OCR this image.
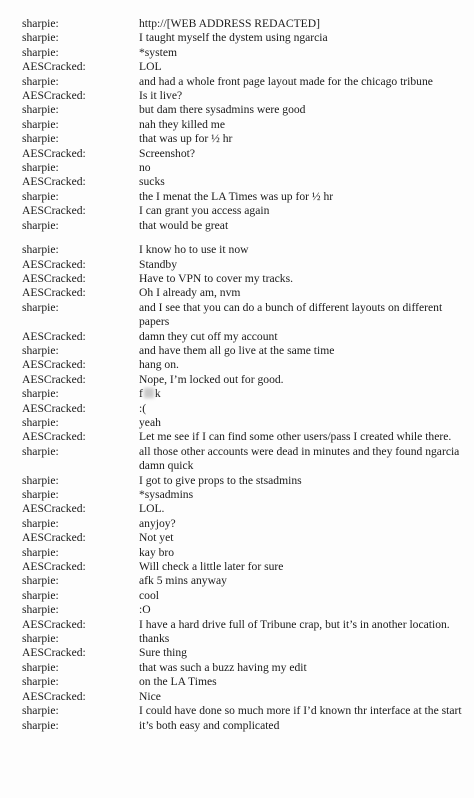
sharpie:	http://[WEB ADDRESS REDACTED]
sharpie:	I taught myself the dystem using ngarcia
sharpie:	*system
AESCracked:	LOL
sharpie:	and had a whole front page layout made for the chicago tribune
AESCracked:	Is it live?
sharpie:	but dam there sysadmins were good
sharpie:	nah they killed me
sharpie:	that was up for ½ hr
AESCracked:	Screenshot?
sharpie:	no
AESCracked:	sucks
sharpie:	the I menat the LA Times was up for ½ hr
AESCracked:	I can grant you access again
sharpie:	that would be great
sharpie:	I know ho to use it now
AESCracked:	Standby
AESCracked:	Have to VPN to cover my tracks.
AESCracked:	Oh I already am, nvm
sharpie:	and I see that you can do a bunch of different layouts on different papers
AESCracked:	damn they cut off my account
sharpie:	and have them all go live at the same time
AESCracked:	hang on.
AESCracked:	Nope, I’m locked out for good.
sharpie:	f k
AESCracked:	:(
sharpie:	yeah
AESCracked:	Let me see if I can find some other users/pass I created while there.
sharpie:	all those other accounts were dead in minutes and they found ngarcia damn quick
sharpie:	I got to give props to the stsadmins
sharpie:	*sysadmins
AESCracked:	LOL.
sharpie:	anyjoy?
AESCracked:	Not yet
sharpie:	kay bro
AESCracked:	Will check a little later for sure
sharpie:	afk 5 mins anyway
sharpie:	cool
sharpie:	:O
AESCracked:	I have a hard drive full of Tribune crap, but it’s in another location.
sharpie:	thanks
AESCracked:	Sure thing
sharpie:	that was such a buzz having my edit
sharpie:	on the LA Times
AESCracked:	Nice
sharpie:	I could have done so much more if I’d known thr interface at the start
sharpie:	it’s both easy and complicated
